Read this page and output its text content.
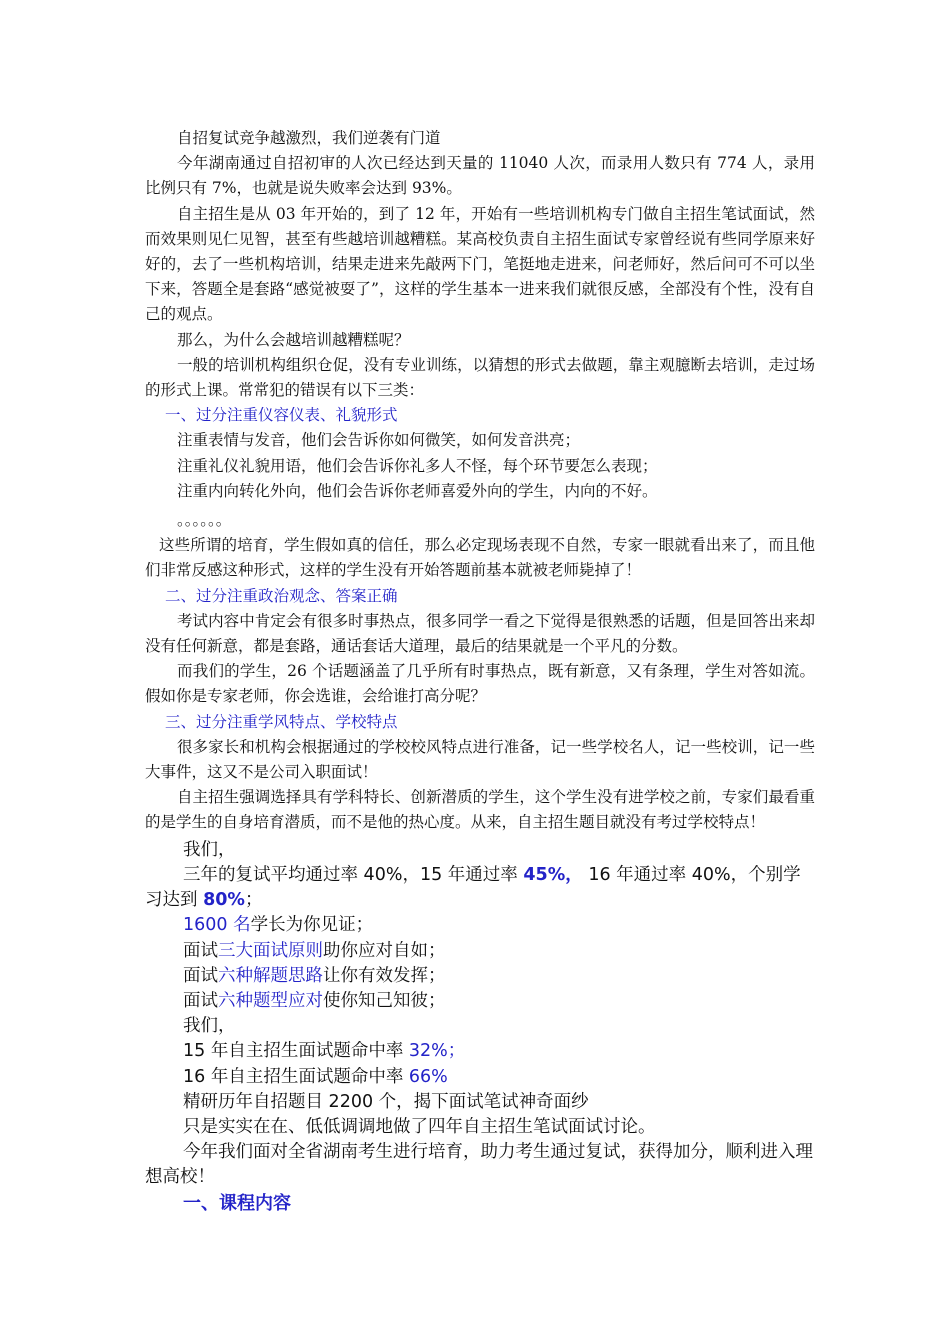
自招复试竞争越激烈，我们逆袭有门道

今年湖南通过自招初审的人次已经达到天量的 11040 人次，而录用人数只有 774 人，录用比例只有 7%，也就是说失败率会达到 93%。

自主招生是从 03 年开始的，到了 12 年，开始有一些培训机构专门做自主招生笔试面试，然而效果则见仁见智，甚至有些越培训越糟糕。某高校负责自主招生面试专家曾经说有些同学原来好好的，去了一些机构培训，结果走进来先敲两下门，笔挺地走进来，问老师好，然后问可不可以坐下来，答题全是套路“感觉被耍了”，这样的学生基本一进来我们就很反感，全部没有个性，没有自己的观点。

那么，为什么会越培训越糟糕呢？

一般的培训机构组织仓促，没有专业训练，以猜想的形式去做题，靠主观臆断去培训，走过场的形式上课。常常犯的错误有以下三类：

一、过分注重仪容仪表、礼貌形式

注重表情与发音，他们会告诉你如何微笑，如何发音洪亮；

注重礼仪礼貌用语，他们会告诉你礼多人不怪，每个环节要怎么表现；

注重内向转化外向，他们会告诉你老师喜爱外向的学生，内向的不好。

。。。。。。

这些所谓的培育，学生假如真的信任，那么必定现场表现不自然，专家一眼就看出来了，而且他们非常反感这种形式，这样的学生没有开始答题前基本就被老师毙掉了！

二、过分注重政治观念、答案正确

考试内容中肯定会有很多时事热点，很多同学一看之下觉得是很熟悉的话题，但是回答出来却没有任何新意，都是套路，通话套话大道理，最后的结果就是一个平凡的分数。

而我们的学生，26 个话题涵盖了几乎所有时事热点，既有新意，又有条理，学生对答如流。假如你是专家老师，你会选谁，会给谁打高分呢？

三、过分注重学风特点、学校特点

很多家长和机构会根据通过的学校校风特点进行准备，记一些学校名人，记一些校训，记一些大事件，这又不是公司入职面试！

自主招生强调选择具有学科特长、创新潜质的学生，这个学生没有进学校之前，专家们最看重的是学生的自身培育潜质，而不是他的热心度。从来，自主招生题目就没有考过学校特点！

我们，

三年的复试平均通过率 40%，15 年通过率 45%， 16 年通过率 40%，个别学习达到 80%；

1600 名学长为你见证；

面试三大面试原则助你应对自如；

面试六种解题思路让你有效发挥；

面试六种题型应对使你知己知彼；

我们，

15 年自主招生面试题命中率 32%；

16 年自主招生面试题命中率 66%

精研历年自招题目 2200 个，揭下面试笔试神奇面纱

只是实实在在、低低调调地做了四年自主招生笔试面试讨论。

今年我们面对全省湖南考生进行培育，助力考生通过复试，获得加分，顺利进入理想高校！

一、课程内容
